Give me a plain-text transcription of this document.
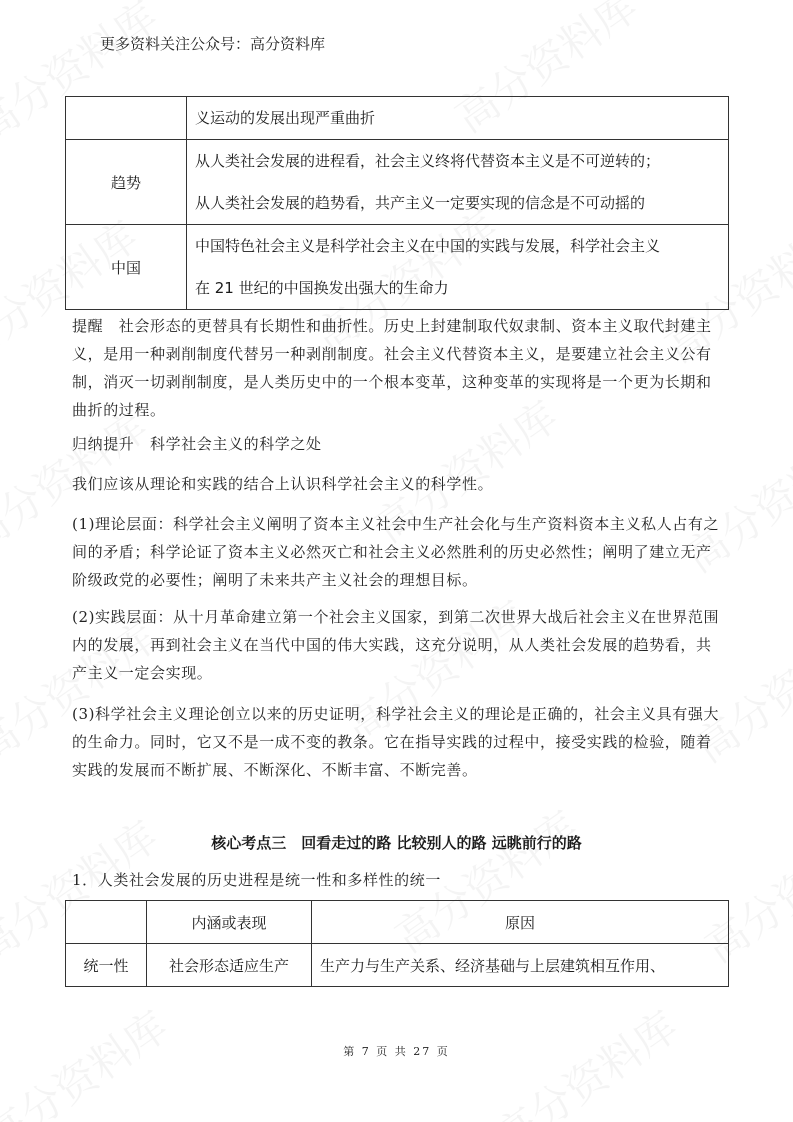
更多资料关注公众号：高分资料库

	义运动的发展出现严重曲折

趋势	从人类社会发展的进程看，社会主义终将代替资本主义是不可逆转的；
从人类社会发展的趋势看，共产主义一定要实现的信念是不可动摇的

中国	中国特色社会主义是科学社会主义在中国的实践与发展，科学社会主义
在 21 世纪的中国换发出强大的生命力
提醒　社会形态的更替具有长期性和曲折性。历史上封建制取代奴隶制、资本主义取代封建主义，是用一种剥削制度代替另一种剥削制度。社会主义代替资本主义，是要建立社会主义公有制，消灭一切剥削制度，是人类历史中的一个根本变革，这种变革的实现将是一个更为长期和曲折的过程。
归纳提升　科学社会主义的科学之处
我们应该从理论和实践的结合上认识科学社会主义的科学性。
(1)理论层面：科学社会主义阐明了资本主义社会中生产社会化与生产资料资本主义私人占有之间的矛盾；科学论证了资本主义必然灭亡和社会主义必然胜利的历史必然性；阐明了建立无产阶级政党的必要性；阐明了未来共产主义社会的理想目标。
(2)实践层面：从十月革命建立第一个社会主义国家，到第二次世界大战后社会主义在世界范围内的发展，再到社会主义在当代中国的伟大实践，这充分说明，从人类社会发展的趋势看，共产主义一定会实现。
(3)科学社会主义理论创立以来的历史证明，科学社会主义的理论是正确的，社会主义具有强大的生命力。同时，它又不是一成不变的教条。它在指导实践的过程中，接受实践的检验，随着实践的发展而不断扩展、不断深化、不断丰富、不断完善。
核心考点三　回看走过的路 比较别人的路 远眺前行的路
1．人类社会发展的历史进程是统一性和多样性的统一
	内涵或表现	原因
统一性	社会形态适应生产	生产力与生产关系、经济基础与上层建筑相互作用、
第 7 页 共 27 页
